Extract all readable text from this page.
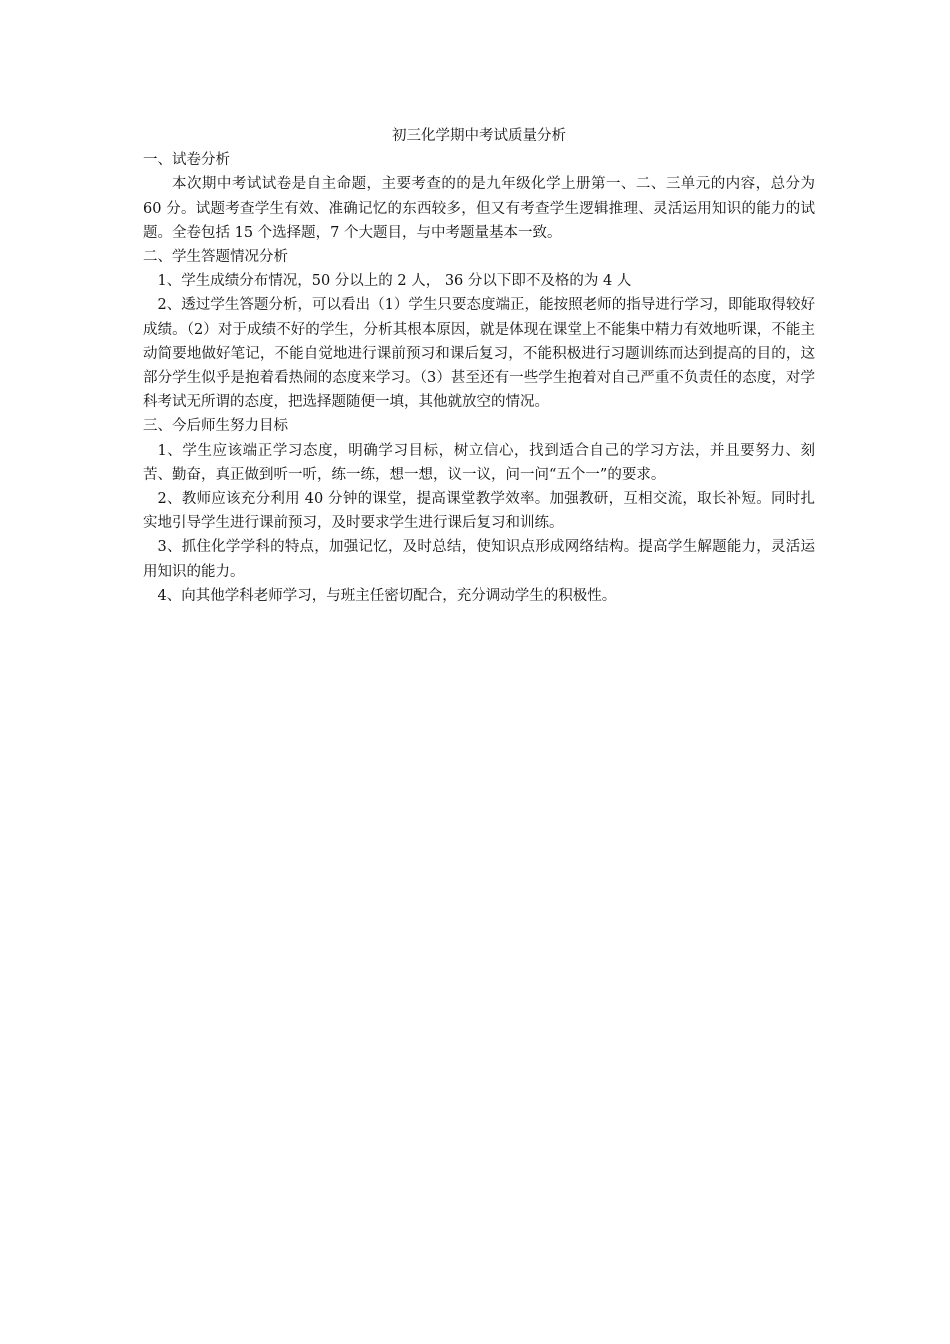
初三化学期中考试质量分析

一、试卷分析

本次期中考试试卷是自主命题，主要考查的的是九年级化学上册第一、二、三单元的内容，总分为 60 分。试题考查学生有效、准确记忆的东西较多，但又有考查学生逻辑推理、灵活运用知识的能力的试题。全卷包括 15 个选择题，7 个大题目，与中考题量基本一致。

二、学生答题情况分析

1、学生成绩分布情况，50 分以上的 2 人， 36 分以下即不及格的为 4 人

2、透过学生答题分析，可以看出（1）学生只要态度端正，能按照老师的指导进行学习，即能取得较好成绩。（2）对于成绩不好的学生，分析其根本原因，就是体现在课堂上不能集中精力有效地听课，不能主动简要地做好笔记，不能自觉地进行课前预习和课后复习，不能积极进行习题训练而达到提高的目的，这部分学生似乎是抱着看热闹的态度来学习。（3）甚至还有一些学生抱着对自己严重不负责任的态度，对学科考试无所谓的态度，把选择题随便一填，其他就放空的情况。

三、今后师生努力目标

1、学生应该端正学习态度，明确学习目标，树立信心，找到适合自己的学习方法，并且要努力、刻苦、勤奋，真正做到听一听，练一练，想一想，议一议，问一问“五个一”的要求。

2、教师应该充分利用 40 分钟的课堂，提高课堂教学效率。加强教研，互相交流，取长补短。同时扎实地引导学生进行课前预习，及时要求学生进行课后复习和训练。

3、抓住化学学科的特点，加强记忆，及时总结，使知识点形成网络结构。提高学生解题能力，灵活运用知识的能力。

4、向其他学科老师学习，与班主任密切配合，充分调动学生的积极性。
